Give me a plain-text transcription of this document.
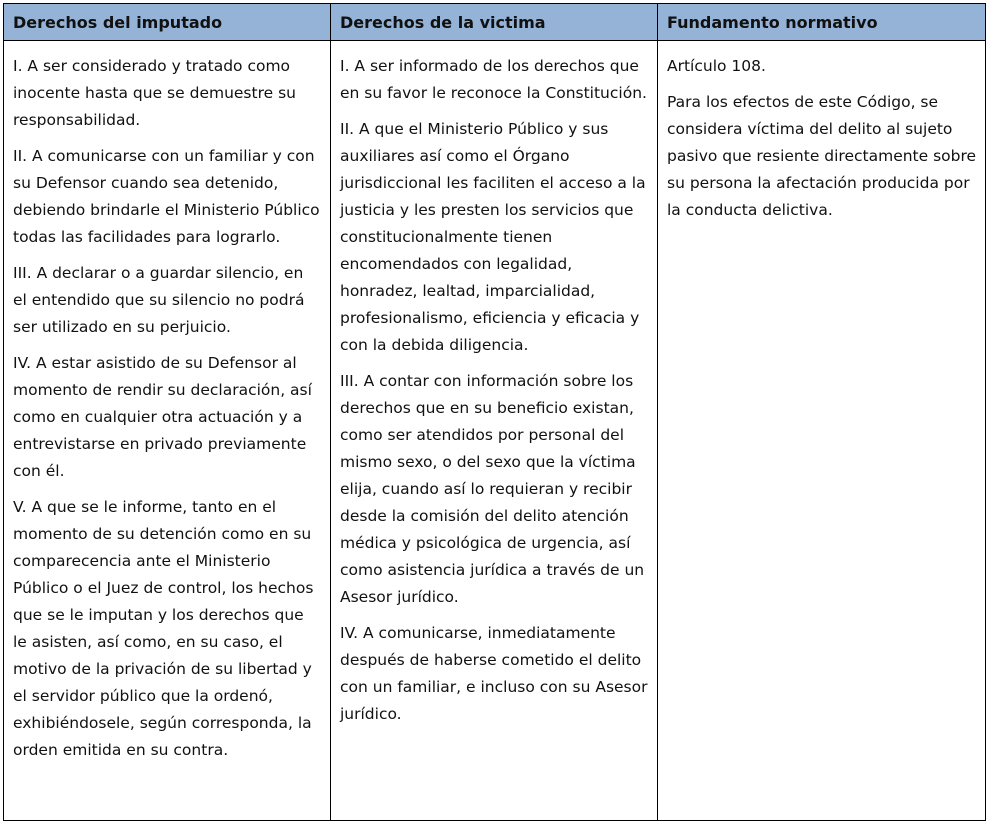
Derechos del imputado	Derechos de la victima	Fundamento normativo

I. A ser considerado y tratado como inocente hasta que se demuestre su responsabilidad.

II. A comunicarse con un familiar y con su Defensor cuando sea detenido, debiendo brindarle el Ministerio Público todas las facilidades para lograrlo.

III. A declarar o a guardar silencio, en el entendido que su silencio no podrá ser utilizado en su perjuicio.

IV. A estar asistido de su Defensor al momento de rendir su declaración, así como en cualquier otra actuación y a entrevistarse en privado previamente con él.

V. A que se le informe, tanto en el momento de su detención como en su comparecencia ante el Ministerio Público o el Juez de control, los hechos que se le imputan y los derechos que le asisten, así como, en su caso, el motivo de la privación de su libertad y el servidor público que la ordenó, exhibiéndosele, según corresponda, la orden emitida en su contra.

I. A ser informado de los derechos que en su favor le reconoce la Constitución.

II. A que el Ministerio Público y sus auxiliares así como el Órgano jurisdiccional les faciliten el acceso a la justicia y les presten los servicios que constitucionalmente tienen encomendados con legalidad, honradez, lealtad, imparcialidad, profesionalismo, eficiencia y eficacia y con la debida diligencia.

III. A contar con información sobre los derechos que en su beneficio existan, como ser atendidos por personal del mismo sexo, o del sexo que la víctima elija, cuando así lo requieran y recibir desde la comisión del delito atención médica y psicológica de urgencia, así como asistencia jurídica a través de un Asesor jurídico.

IV. A comunicarse, inmediatamente después de haberse cometido el delito con un familiar, e incluso con su Asesor jurídico.

Artículo 108.

Para los efectos de este Código, se considera víctima del delito al sujeto pasivo que resiente directamente sobre su persona la afectación producida por la conducta delictiva.
